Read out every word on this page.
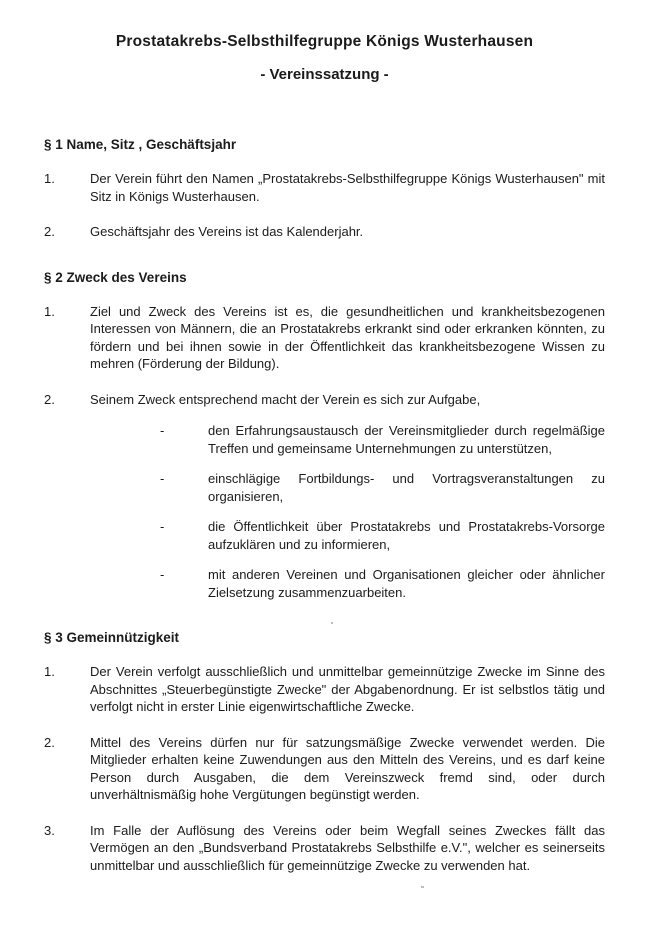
Prostatakrebs-Selbsthilfegruppe Königs Wusterhausen
- Vereinssatzung -
§ 1 Name, Sitz , Geschäftsjahr
1.	Der Verein führt den Namen „Prostatakrebs-Selbsthilfegruppe Königs Wusterhausen" mit Sitz in Königs Wusterhausen.
2.	Geschäftsjahr des Vereins ist das Kalenderjahr.
§ 2 Zweck des Vereins
1.	Ziel und Zweck des Vereins ist es, die gesundheitlichen und krankheitsbezogenen Interessen von Männern, die an Prostatakrebs erkrankt sind oder erkranken könnten, zu fördern und bei ihnen sowie in der Öffentlichkeit das krankheitsbezogene Wissen zu mehren (Förderung der Bildung).
2.	Seinem Zweck entsprechend macht der Verein es sich zur Aufgabe,
-	den Erfahrungsaustausch der Vereinsmitglieder durch regelmäßige Treffen und gemeinsame Unternehmungen zu unterstützen,
-	einschlägige Fortbildungs- und Vortragsveranstaltungen zu organisieren,
-	die Öffentlichkeit über Prostatakrebs und Prostatakrebs-Vorsorge aufzuklären und zu informieren,
-	mit anderen Vereinen und Organisationen gleicher oder ähnlicher Zielsetzung zusammenzuarbeiten.
§ 3 Gemeinnützigkeit
1.	Der Verein verfolgt ausschließlich und unmittelbar gemeinnützige Zwecke im Sinne des Abschnittes „Steuerbegünstigte Zwecke" der Abgabenordnung. Er ist selbstlos tätig und verfolgt nicht in erster Linie eigenwirtschaftliche Zwecke.
2.	Mittel des Vereins dürfen nur für satzungsmäßige Zwecke verwendet werden. Die Mitglieder erhalten keine Zuwendungen aus den Mitteln des Vereins, und es darf keine Person durch Ausgaben, die dem Vereinszweck fremd sind, oder durch unverhältnismäßig hohe Vergütungen begünstigt werden.
3.	Im Falle der Auflösung des Vereins oder beim Wegfall seines Zweckes fällt das Vermögen an den „Bundsverband Prostatakrebs Selbsthilfe e.V.", welcher es seinerseits unmittelbar und ausschließlich für gemeinnützige Zwecke zu verwenden hat.
